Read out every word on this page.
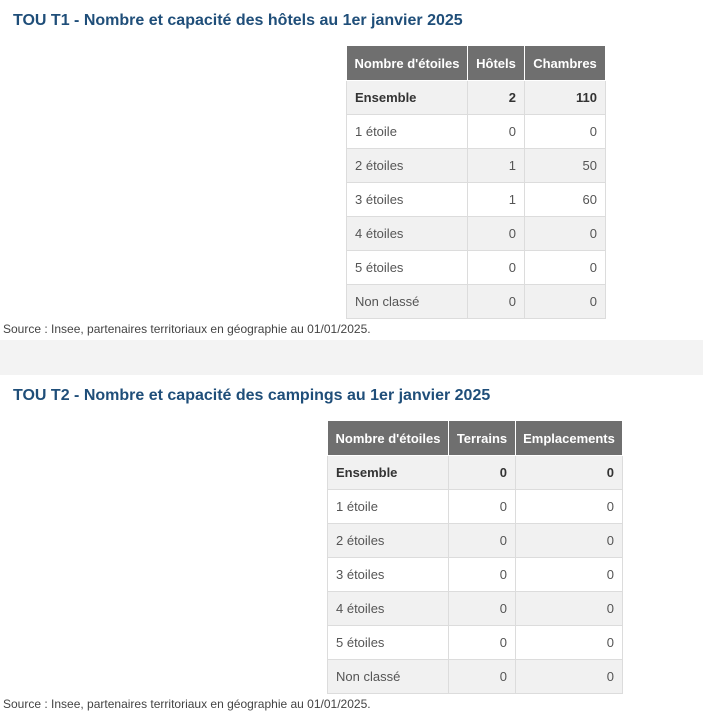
TOU T1 - Nombre et capacité des hôtels au 1er janvier 2025
Nombre d'étoiles	Hôtels	Chambres
Ensemble	2	110
1 étoile	0	0
2 étoiles	1	50
3 étoiles	1	60
4 étoiles	0	0
5 étoiles	0	0
Non classé	0	0
Source : Insee, partenaires territoriaux en géographie au 01/01/2025.
TOU T2 - Nombre et capacité des campings au 1er janvier 2025
Nombre d'étoiles	Terrains	Emplacements
Ensemble	0	0
1 étoile	0	0
2 étoiles	0	0
3 étoiles	0	0
4 étoiles	0	0
5 étoiles	0	0
Non classé	0	0
Source : Insee, partenaires territoriaux en géographie au 01/01/2025.
